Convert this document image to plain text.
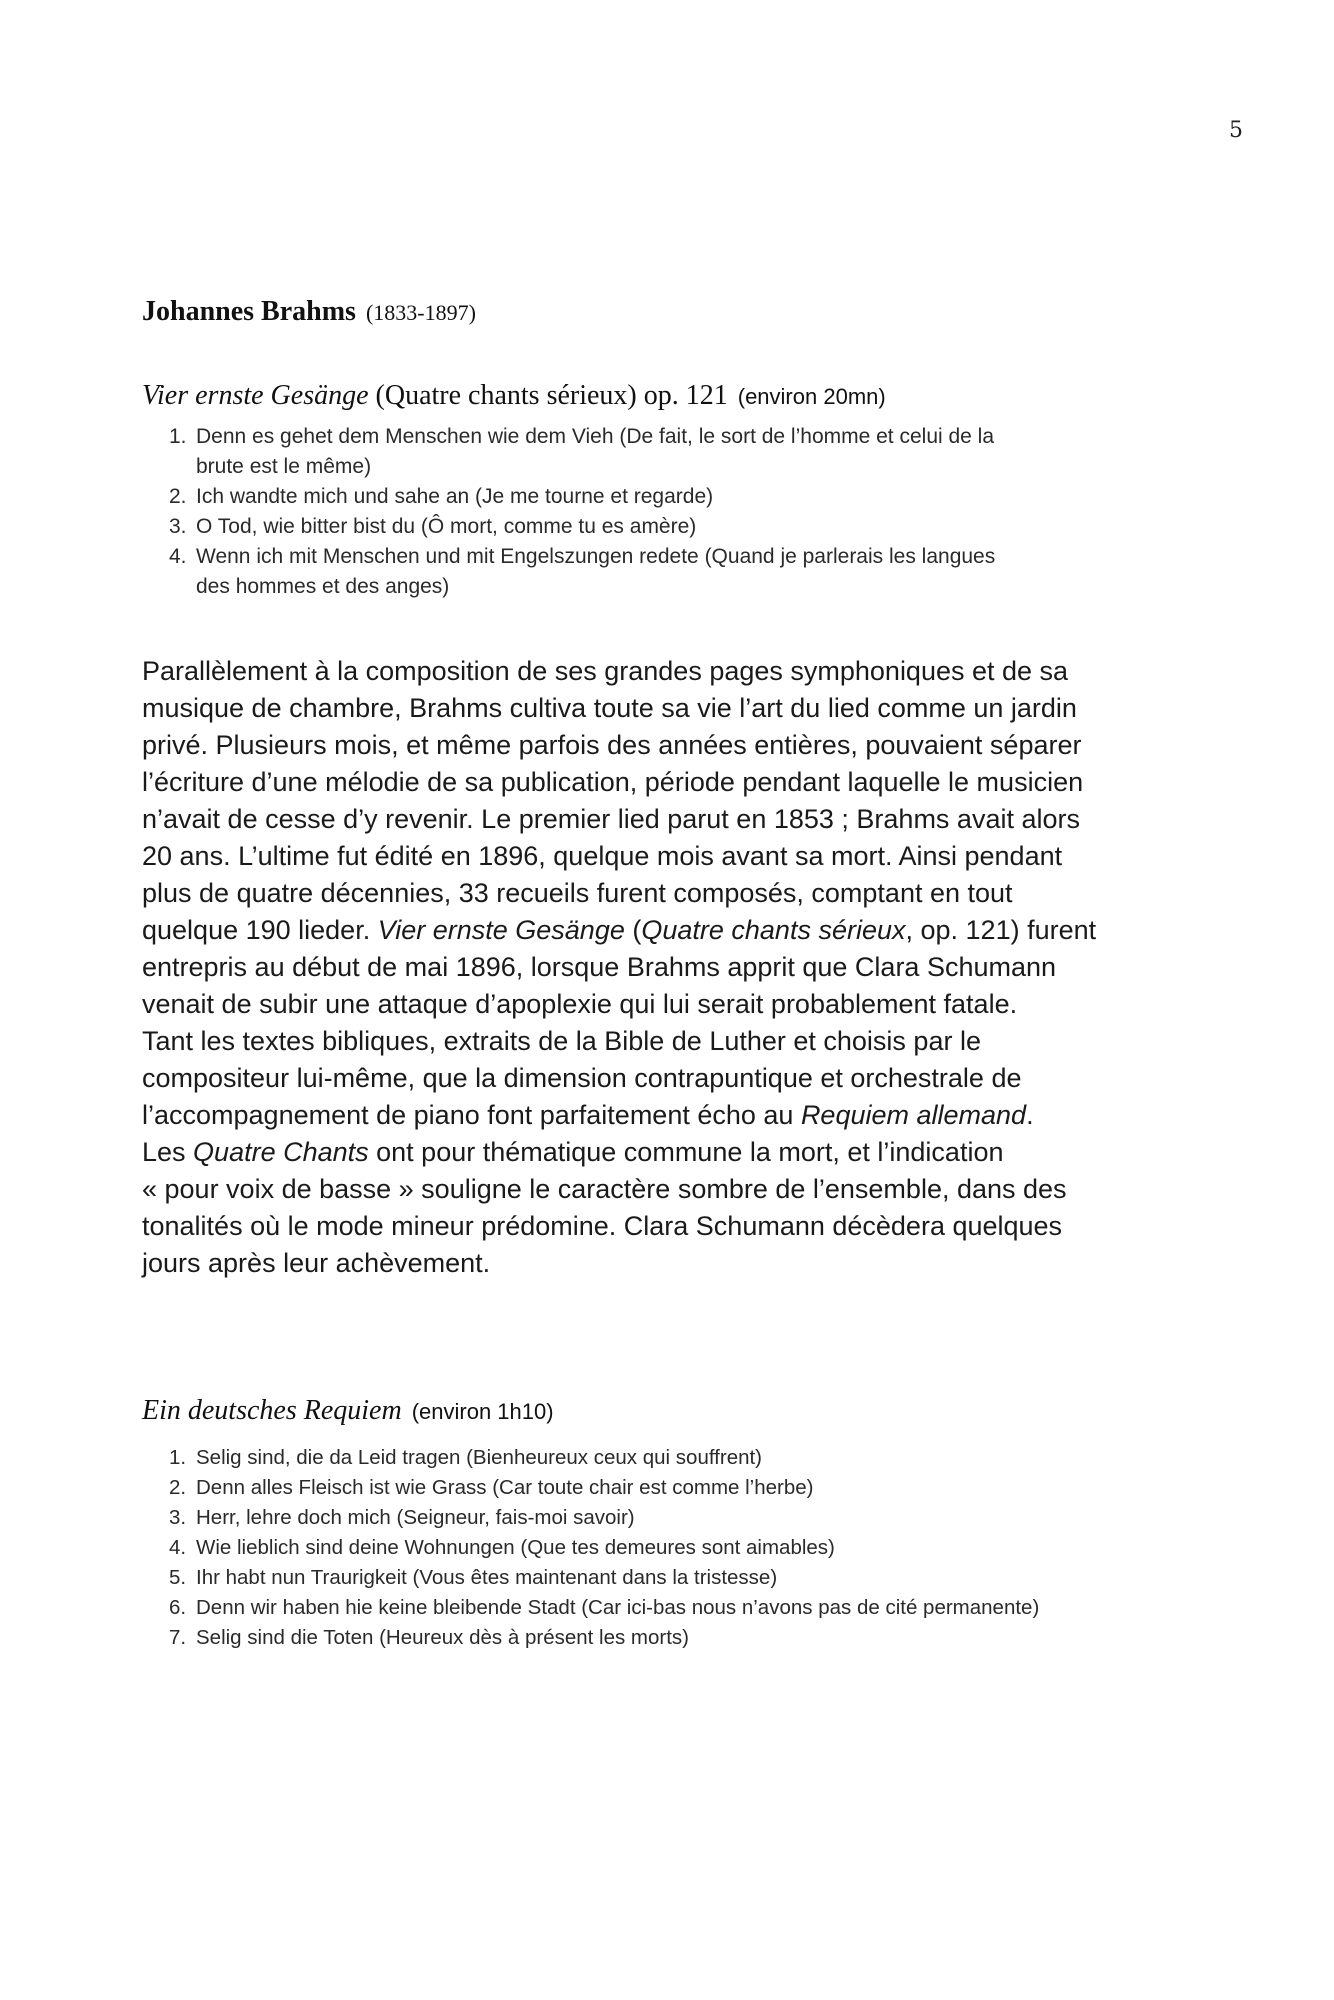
5
Johannes Brahms (1833-1897)
Vier ernste Gesänge (Quatre chants sérieux) op. 121 (environ 20mn)
1. Denn es gehet dem Menschen wie dem Vieh (De fait, le sort de l’homme et celui de la
brute est le même)
2. Ich wandte mich und sahe an (Je me tourne et regarde)
3. O Tod, wie bitter bist du (Ô mort, comme tu es amère)
4. Wenn ich mit Menschen und mit Engelszungen redete (Quand je parlerais les langues
des hommes et des anges)

Parallèlement à la composition de ses grandes pages symphoniques et de sa
musique de chambre, Brahms cultiva toute sa vie l’art du lied comme un jardin
privé. Plusieurs mois, et même parfois des années entières, pouvaient séparer
l’écriture d’une mélodie de sa publication, période pendant laquelle le musicien
n’avait de cesse d’y revenir. Le premier lied parut en 1853 ; Brahms avait alors
20 ans. L’ultime fut édité en 1896, quelque mois avant sa mort. Ainsi pendant
plus de quatre décennies, 33 recueils furent composés, comptant en tout
quelque 190 lieder. Vier ernste Gesänge (Quatre chants sérieux, op. 121) furent
entrepris au début de mai 1896, lorsque Brahms apprit que Clara Schumann
venait de subir une attaque d’apoplexie qui lui serait probablement fatale.
Tant les textes bibliques, extraits de la Bible de Luther et choisis par le
compositeur lui-même, que la dimension contrapuntique et orchestrale de
l’accompagnement de piano font parfaitement écho au Requiem allemand.
Les Quatre Chants ont pour thématique commune la mort, et l’indication
« pour voix de basse » souligne le caractère sombre de l’ensemble, dans des
tonalités où le mode mineur prédomine. Clara Schumann décèdera quelques
jours après leur achèvement.

Ein deutsches Requiem (environ 1h10)
1. Selig sind, die da Leid tragen (Bienheureux ceux qui souffrent)
2. Denn alles Fleisch ist wie Grass (Car toute chair est comme l’herbe)
3. Herr, lehre doch mich (Seigneur, fais-moi savoir)
4. Wie lieblich sind deine Wohnungen (Que tes demeures sont aimables)
5. Ihr habt nun Traurigkeit (Vous êtes maintenant dans la tristesse)
6. Denn wir haben hie keine bleibende Stadt (Car ici-bas nous n’avons pas de cité permanente)
7. Selig sind die Toten (Heureux dès à présent les morts)
